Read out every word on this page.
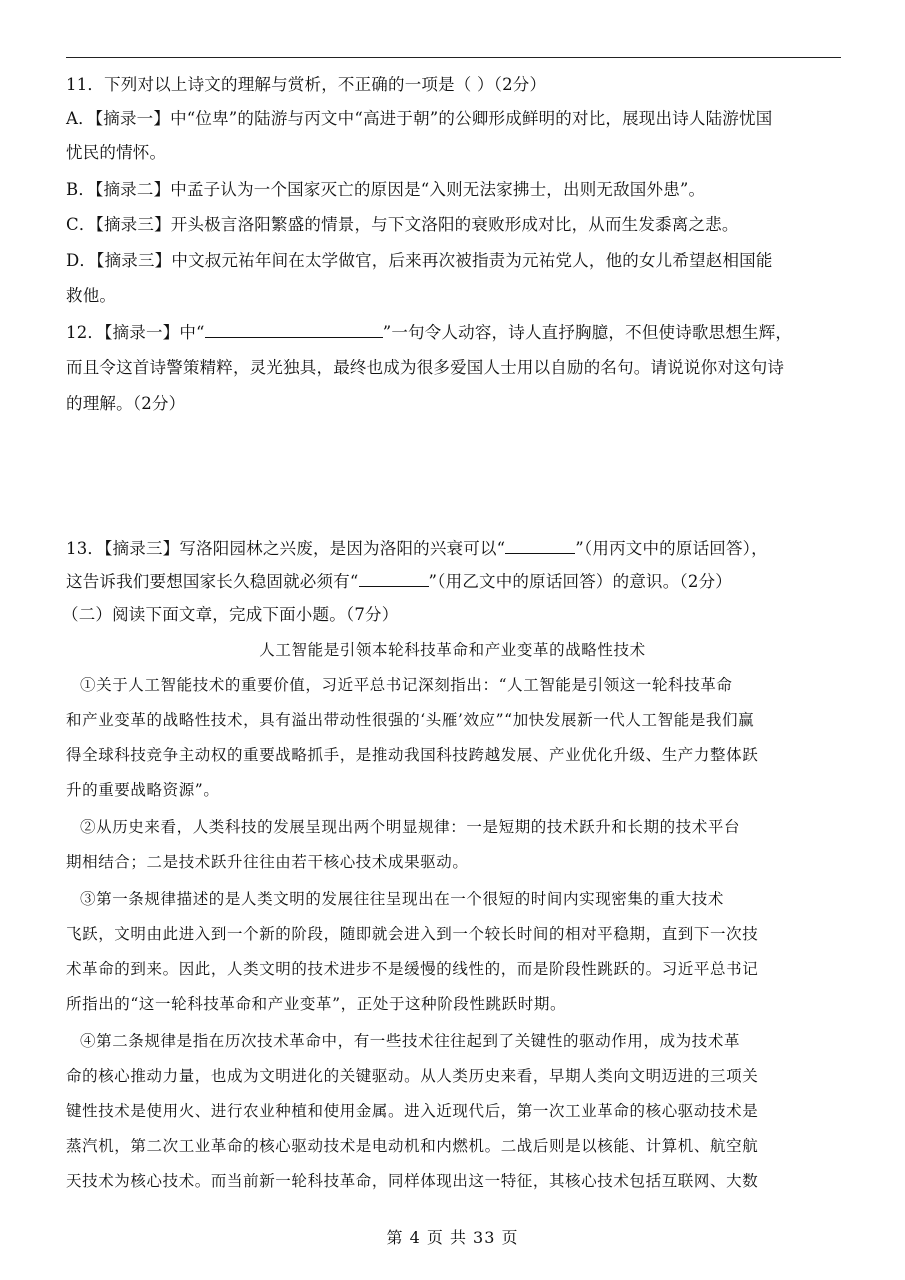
11．下列对以上诗文的理解与赏析，不正确的一项是（ ）（2分）
A．【摘录一】中“位卑”的陆游与丙文中“高进于朝”的公卿形成鲜明的对比，展现出诗人陆游忧国
忧民的情怀。
B．【摘录二】中孟子认为一个国家灭亡的原因是“入则无法家拂士，出则无敌国外患”。
C．【摘录三】开头极言洛阳繁盛的情景，与下文洛阳的衰败形成对比，从而生发黍离之悲。
D．【摘录三】中文叔元祐年间在太学做官，后来再次被指责为元祐党人，他的女儿希望赵相国能
救他。
12．【摘录一】中“	”一句令人动容，诗人直抒胸臆，不但使诗歌思想生辉，
而且令这首诗警策精粹，灵光独具，最终也成为很多爱国人士用以自励的名句。请说说你对这句诗
的理解。（2分）
13．【摘录三】写洛阳园林之兴废，是因为洛阳的兴衰可以“	”（用丙文中的原话回答），
这告诉我们要想国家长久稳固就必须有“	”（用乙文中的原话回答）的意识。（2分）
（二）阅读下面文章，完成下面小题。（7分）
人工智能是引领本轮科技革命和产业变革的战略性技术
①关于人工智能技术的重要价值，习近平总书记深刻指出：“人工智能是引领这一轮科技革命
和产业变革的战略性技术，具有溢出带动性很强的‘头雁’效应”“加快发展新一代人工智能是我们赢
得全球科技竞争主动权的重要战略抓手，是推动我国科技跨越发展、产业优化升级、生产力整体跃
升的重要战略资源”。
②从历史来看，人类科技的发展呈现出两个明显规律：一是短期的技术跃升和长期的技术平台
期相结合；二是技术跃升往往由若干核心技术成果驱动。
③第一条规律描述的是人类文明的发展往往呈现出在一个很短的时间内实现密集的重大技术
飞跃，文明由此进入到一个新的阶段，随即就会进入到一个较长时间的相对平稳期，直到下一次技
术革命的到来。因此，人类文明的技术进步不是缓慢的线性的，而是阶段性跳跃的。习近平总书记
所指出的“这一轮科技革命和产业变革”，正处于这种阶段性跳跃时期。
④第二条规律是指在历次技术革命中，有一些技术往往起到了关键性的驱动作用，成为技术革
命的核心推动力量，也成为文明进化的关键驱动。从人类历史来看，早期人类向文明迈进的三项关
键性技术是使用火、进行农业种植和使用金属。进入近现代后，第一次工业革命的核心驱动技术是
蒸汽机，第二次工业革命的核心驱动技术是电动机和内燃机。二战后则是以核能、计算机、航空航
天技术为核心技术。而当前新一轮科技革命，同样体现出这一特征，其核心技术包括互联网、大数
第 4 页 共 33 页
